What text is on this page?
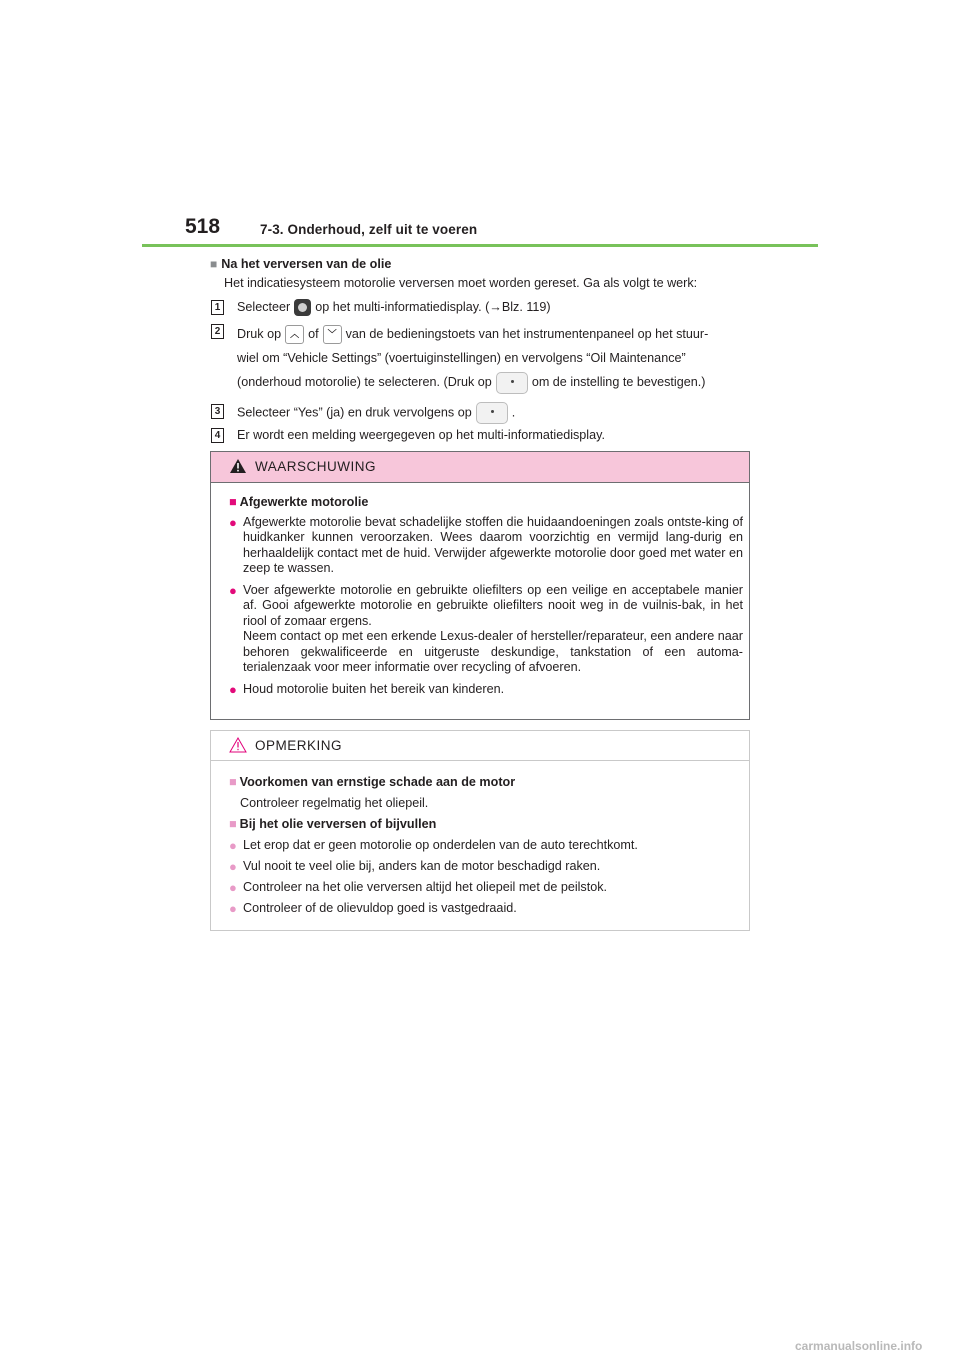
518	7-3. Onderhoud, zelf uit te voeren
■ Na het verversen van de olie
Het indicatiesysteem motorolie verversen moet worden gereset. Ga als volgt te werk:
1 Selecteer op het multi-informatiedisplay. (→Blz. 119)
2 Druk op ︿ of ﹀ van de bedieningstoets van het instrumentenpaneel op het stuur-
wiel om “Vehicle Settings” (voertuiginstellingen) en vervolgens “Oil Maintenance”
(onderhoud motorolie) te selecteren. (Druk op	om de instelling te bevestigen.)
3 Selecteer “Yes” (ja) en druk vervolgens op	.
4 Er wordt een melding weergegeven op het multi-informatiedisplay.
WAARSCHUWING
■ Afgewerkte motorolie
● Afgewerkte motorolie bevat schadelijke stoffen die huidaandoeningen zoals ontste-king of huidkanker kunnen veroorzaken. Wees daarom voorzichtig en vermijd lang-durig en herhaaldelijk contact met de huid. Verwijder afgewerkte motorolie door goed met water en zeep te wassen.
● Voer afgewerkte motorolie en gebruikte oliefilters op een veilige en acceptabele manier af. Gooi afgewerkte motorolie en gebruikte oliefilters nooit weg in de vuilnis-bak, in het riool of zomaar ergens.
Neem contact op met een erkende Lexus-dealer of hersteller/reparateur, een andere naar behoren gekwalificeerde en uitgeruste deskundige, tankstation of een automa-terialenzaak voor meer informatie over recycling of afvoeren.
● Houd motorolie buiten het bereik van kinderen.
OPMERKING
■ Voorkomen van ernstige schade aan de motor
Controleer regelmatig het oliepeil.
■ Bij het olie verversen of bijvullen
● Let erop dat er geen motorolie op onderdelen van de auto terechtkomt.
● Vul nooit te veel olie bij, anders kan de motor beschadigd raken.
● Controleer na het olie verversen altijd het oliepeil met de peilstok.
● Controleer of de olievuldop goed is vastgedraaid.
carmanualsonline.info
